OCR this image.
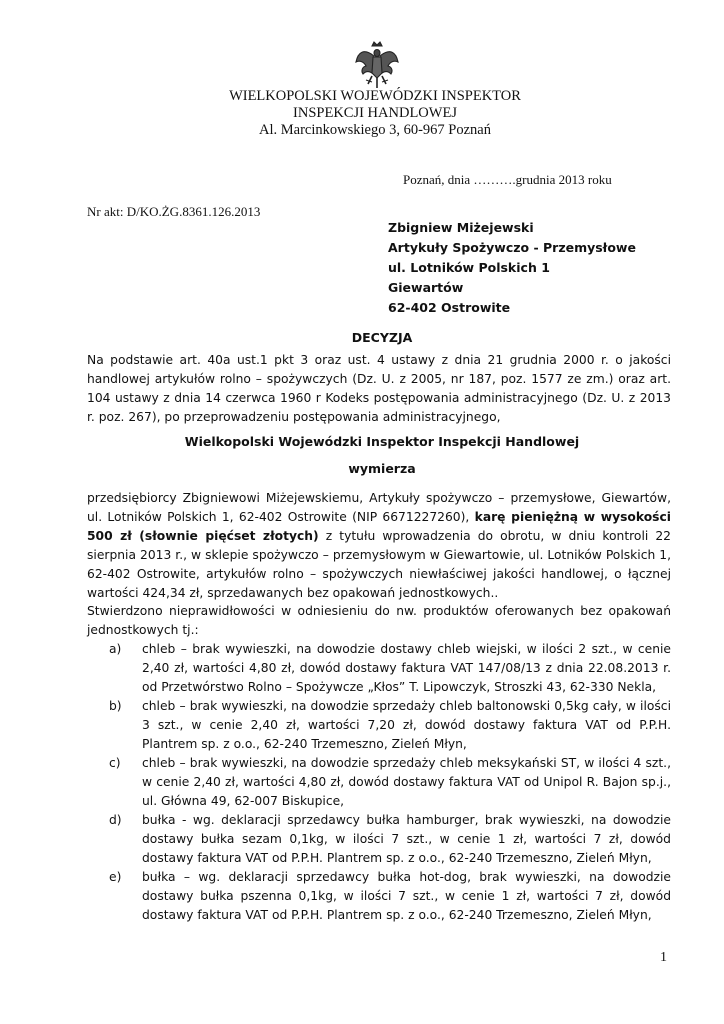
WIELKOPOLSKI WOJEWÓDZKI INSPEKTOR
INSPEKCJI HANDLOWEJ
Al. Marcinkowskiego 3, 60-967 Poznań
Poznań, dnia ……….grudnia 2013 roku
Nr akt: D/KO.ŻG.8361.126.2013
Zbigniew Miżejewski
Artykuły Spożywczo - Przemysłowe
ul. Lotników Polskich 1
Giewartów
62-402 Ostrowite
DECYZJA
Na podstawie art. 40a ust.1 pkt 3 oraz ust. 4 ustawy z dnia 21 grudnia 2000 r. o jakości handlowej artykułów rolno – spożywczych (Dz. U. z 2005, nr 187, poz. 1577 ze zm.) oraz art. 104 ustawy z dnia 14 czerwca 1960 r Kodeks postępowania administracyjnego (Dz. U. z 2013 r. poz. 267), po przeprowadzeniu postępowania administracyjnego,
Wielkopolski Wojewódzki Inspektor Inspekcji Handlowej
wymierza
przedsiębiorcy Zbigniewowi Miżejewskiemu, Artykuły spożywczo – przemysłowe, Giewartów, ul. Lotników Polskich 1, 62-402 Ostrowite (NIP 6671227260), karę pieniężną w wysokości 500 zł (słownie pięćset złotych) z tytułu wprowadzenia do obrotu, w dniu kontroli 22 sierpnia 2013 r., w sklepie spożywczo – przemysłowym w Giewartowie, ul. Lotników Polskich 1, 62-402 Ostrowite, artykułów rolno – spożywczych niewłaściwej jakości handlowej, o łącznej wartości 424,34 zł, sprzedawanych bez opakowań jednostkowych..
Stwierdzono nieprawidłowości w odniesieniu do nw. produktów oferowanych bez opakowań jednostkowych tj.:
a)	chleb – brak wywieszki, na dowodzie dostawy chleb wiejski, w ilości 2 szt., w cenie 2,40 zł, wartości 4,80 zł, dowód dostawy faktura VAT 147/08/13 z dnia 22.08.2013 r. od Przetwórstwo Rolno – Spożywcze „Kłos” T. Lipowczyk, Stroszki 43, 62-330 Nekla,
b)	chleb – brak wywieszki, na dowodzie sprzedaży chleb baltonowski 0,5kg cały, w ilości 3 szt., w cenie 2,40 zł, wartości 7,20 zł, dowód dostawy faktura VAT od P.P.H. Plantrem sp. z o.o., 62-240 Trzemeszno, Zieleń Młyn,
c)	chleb – brak wywieszki, na dowodzie sprzedaży chleb meksykański ST, w ilości 4 szt., w cenie 2,40 zł, wartości 4,80 zł, dowód dostawy faktura VAT od Unipol R. Bajon sp.j., ul. Główna 49, 62-007 Biskupice,
d)	bułka - wg. deklaracji sprzedawcy bułka hamburger, brak wywieszki, na dowodzie dostawy bułka sezam 0,1kg, w ilości 7 szt., w cenie 1 zł, wartości 7 zł, dowód dostawy faktura VAT od P.P.H. Plantrem sp. z o.o., 62-240 Trzemeszno, Zieleń Młyn,
e)	bułka – wg. deklaracji sprzedawcy bułka hot-dog, brak wywieszki, na dowodzie dostawy bułka pszenna 0,1kg, w ilości 7 szt., w cenie 1 zł, wartości 7 zł, dowód dostawy faktura VAT od P.P.H. Plantrem sp. z o.o., 62-240 Trzemeszno, Zieleń Młyn,
1
